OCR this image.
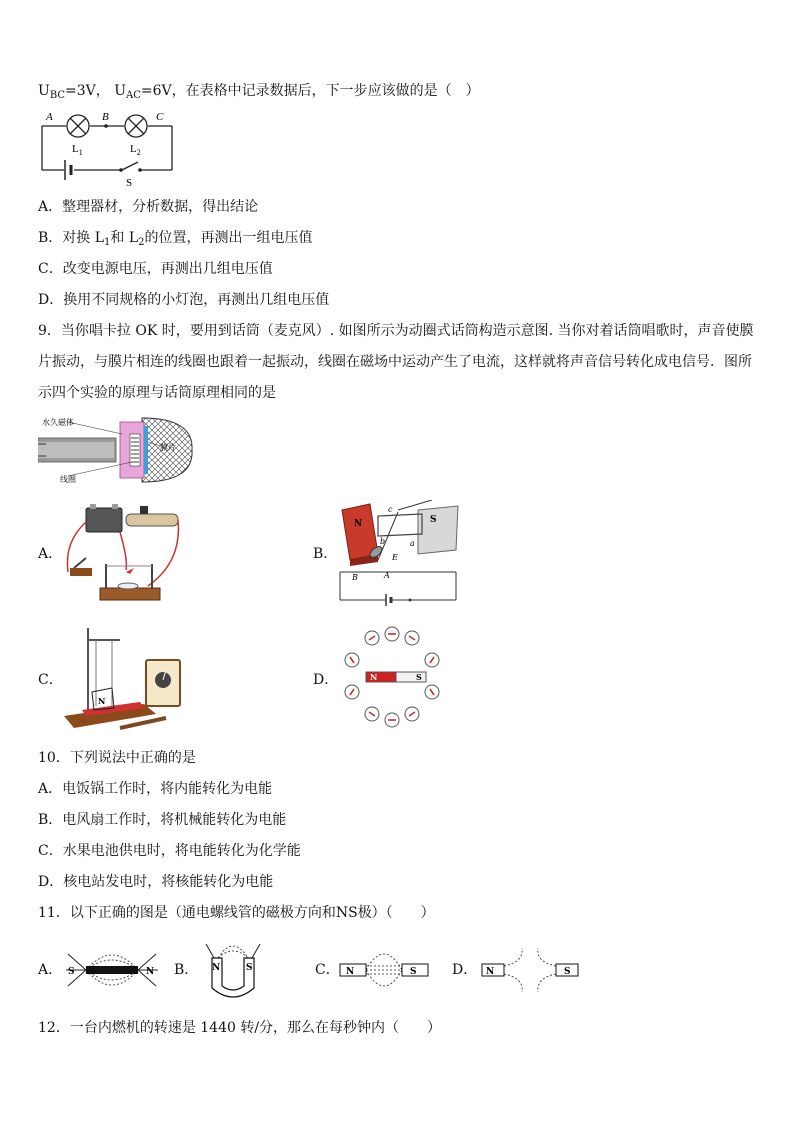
$U_{BC}=3V$， $U_{AC}=6V$，在表格中记录数据后，下一步应该做的是（　）
A	B	C
$L_1$	$L_2$
S
A．整理器材，分析数据，得出结论
B．对换 $L_1$和 $L_2$的位置，再测出一组电压值
C．改变电源电压，再测出几组电压值
D．换用不同规格的小灯泡，再测出几组电压值
9．当你唱卡拉 OK 时，要用到话筒（麦克风）. 如图所示为动圈式话筒构造示意图. 当你对着话筒唱歌时，声音使膜片振动，与膜片相连的线圈也跟着一起振动，线圈在磁场中运动产生了电流，这样就将声音信号转化成电信号．图所示四个实验的原理与话筒原理相同的是
水久磁体
膜片
线圈
A．	B．
N	S
c
a
b
E
A
B
C．
N
D．	N	S
10．下列说法中正确的是
A．电饭锅工作时，将内能转化为电能
B．电风扇工作时，将机械能转化为电能
C．水果电池供电时，将电能转化为化学能
D．核电站发电时，将核能转化为电能
11．以下正确的图是（通电螺线管的磁极方向和NS极）（　　）
A． S	N B． N	S	C． N	S	D． N	S
12．一台内燃机的转速是 1440 转/分，那么在每秒钟内（　　）
